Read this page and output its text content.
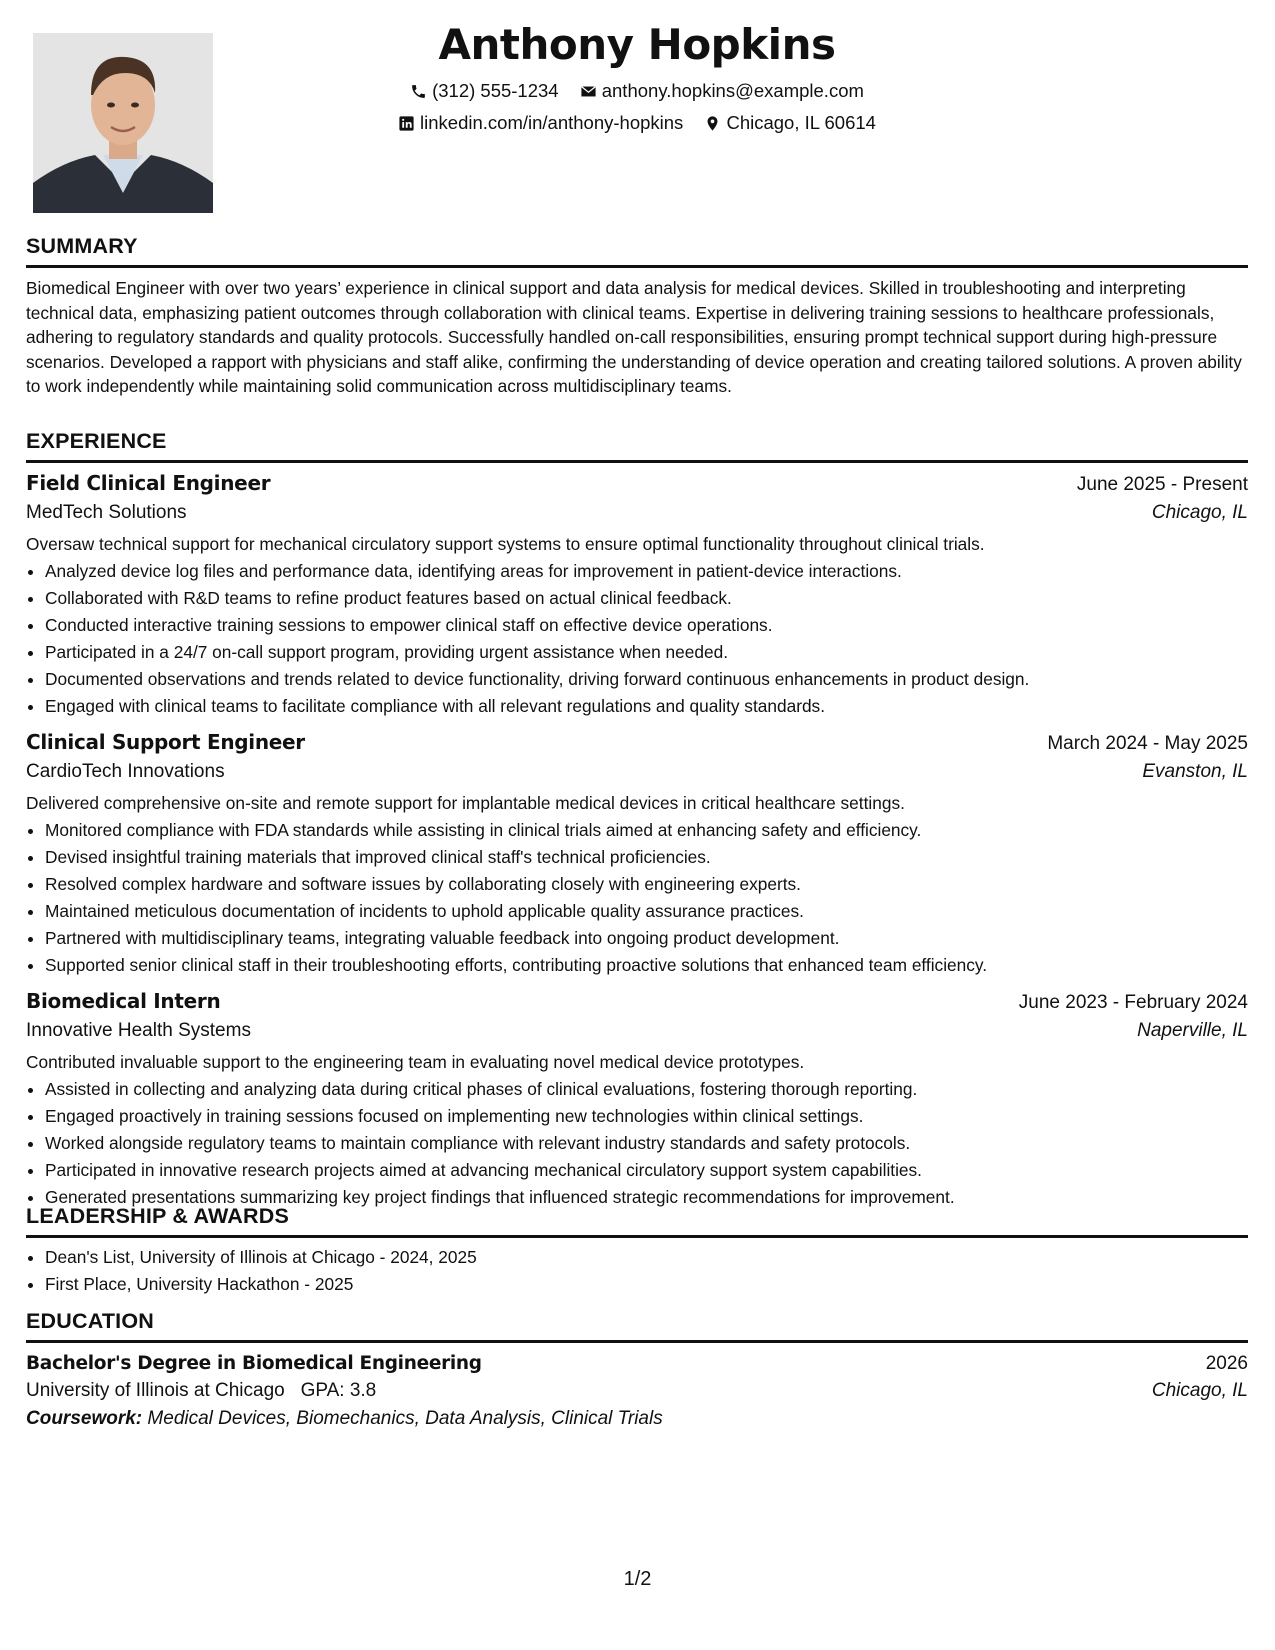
Anthony Hopkins
(312) 555-1234
anthony.hopkins@example.com
linkedin.com/in/anthony-hopkins
Chicago, IL 60614
SUMMARY
Biomedical Engineer with over two years’ experience in clinical support and data analysis for medical devices. Skilled in troubleshooting and interpreting technical data, emphasizing patient outcomes through collaboration with clinical teams. Expertise in delivering training sessions to healthcare professionals, adhering to regulatory standards and quality protocols. Successfully handled on-call responsibilities, ensuring prompt technical support during high-pressure scenarios. Developed a rapport with physicians and staff alike, confirming the understanding of device operation and creating tailored solutions. A proven ability to work independently while maintaining solid communication across multidisciplinary teams.
EXPERIENCE
Field Clinical Engineer	June 2025 - Present
MedTech Solutions	Chicago, IL
Oversaw technical support for mechanical circulatory support systems to ensure optimal functionality throughout clinical trials.
• Analyzed device log files and performance data, identifying areas for improvement in patient-device interactions.
• Collaborated with R&D teams to refine product features based on actual clinical feedback.
• Conducted interactive training sessions to empower clinical staff on effective device operations.
• Participated in a 24/7 on-call support program, providing urgent assistance when needed.
• Documented observations and trends related to device functionality, driving forward continuous enhancements in product design.
• Engaged with clinical teams to facilitate compliance with all relevant regulations and quality standards.
Clinical Support Engineer	March 2024 - May 2025
CardioTech Innovations	Evanston, IL
Delivered comprehensive on-site and remote support for implantable medical devices in critical healthcare settings.
• Monitored compliance with FDA standards while assisting in clinical trials aimed at enhancing safety and efficiency.
• Devised insightful training materials that improved clinical staff's technical proficiencies.
• Resolved complex hardware and software issues by collaborating closely with engineering experts.
• Maintained meticulous documentation of incidents to uphold applicable quality assurance practices.
• Partnered with multidisciplinary teams, integrating valuable feedback into ongoing product development.
• Supported senior clinical staff in their troubleshooting efforts, contributing proactive solutions that enhanced team efficiency.
Biomedical Intern	June 2023 - February 2024
Innovative Health Systems	Naperville, IL
Contributed invaluable support to the engineering team in evaluating novel medical device prototypes.
• Assisted in collecting and analyzing data during critical phases of clinical evaluations, fostering thorough reporting.
• Engaged proactively in training sessions focused on implementing new technologies within clinical settings.
• Worked alongside regulatory teams to maintain compliance with relevant industry standards and safety protocols.
• Participated in innovative research projects aimed at advancing mechanical circulatory support system capabilities.
• Generated presentations summarizing key project findings that influenced strategic recommendations for improvement.
LEADERSHIP & AWARDS
• Dean's List, University of Illinois at Chicago - 2024, 2025
• First Place, University Hackathon - 2025
EDUCATION
Bachelor's Degree in Biomedical Engineering	2026
University of Illinois at Chicago GPA: 3.8	Chicago, IL
Coursework: Medical Devices, Biomechanics, Data Analysis, Clinical Trials
1/2
